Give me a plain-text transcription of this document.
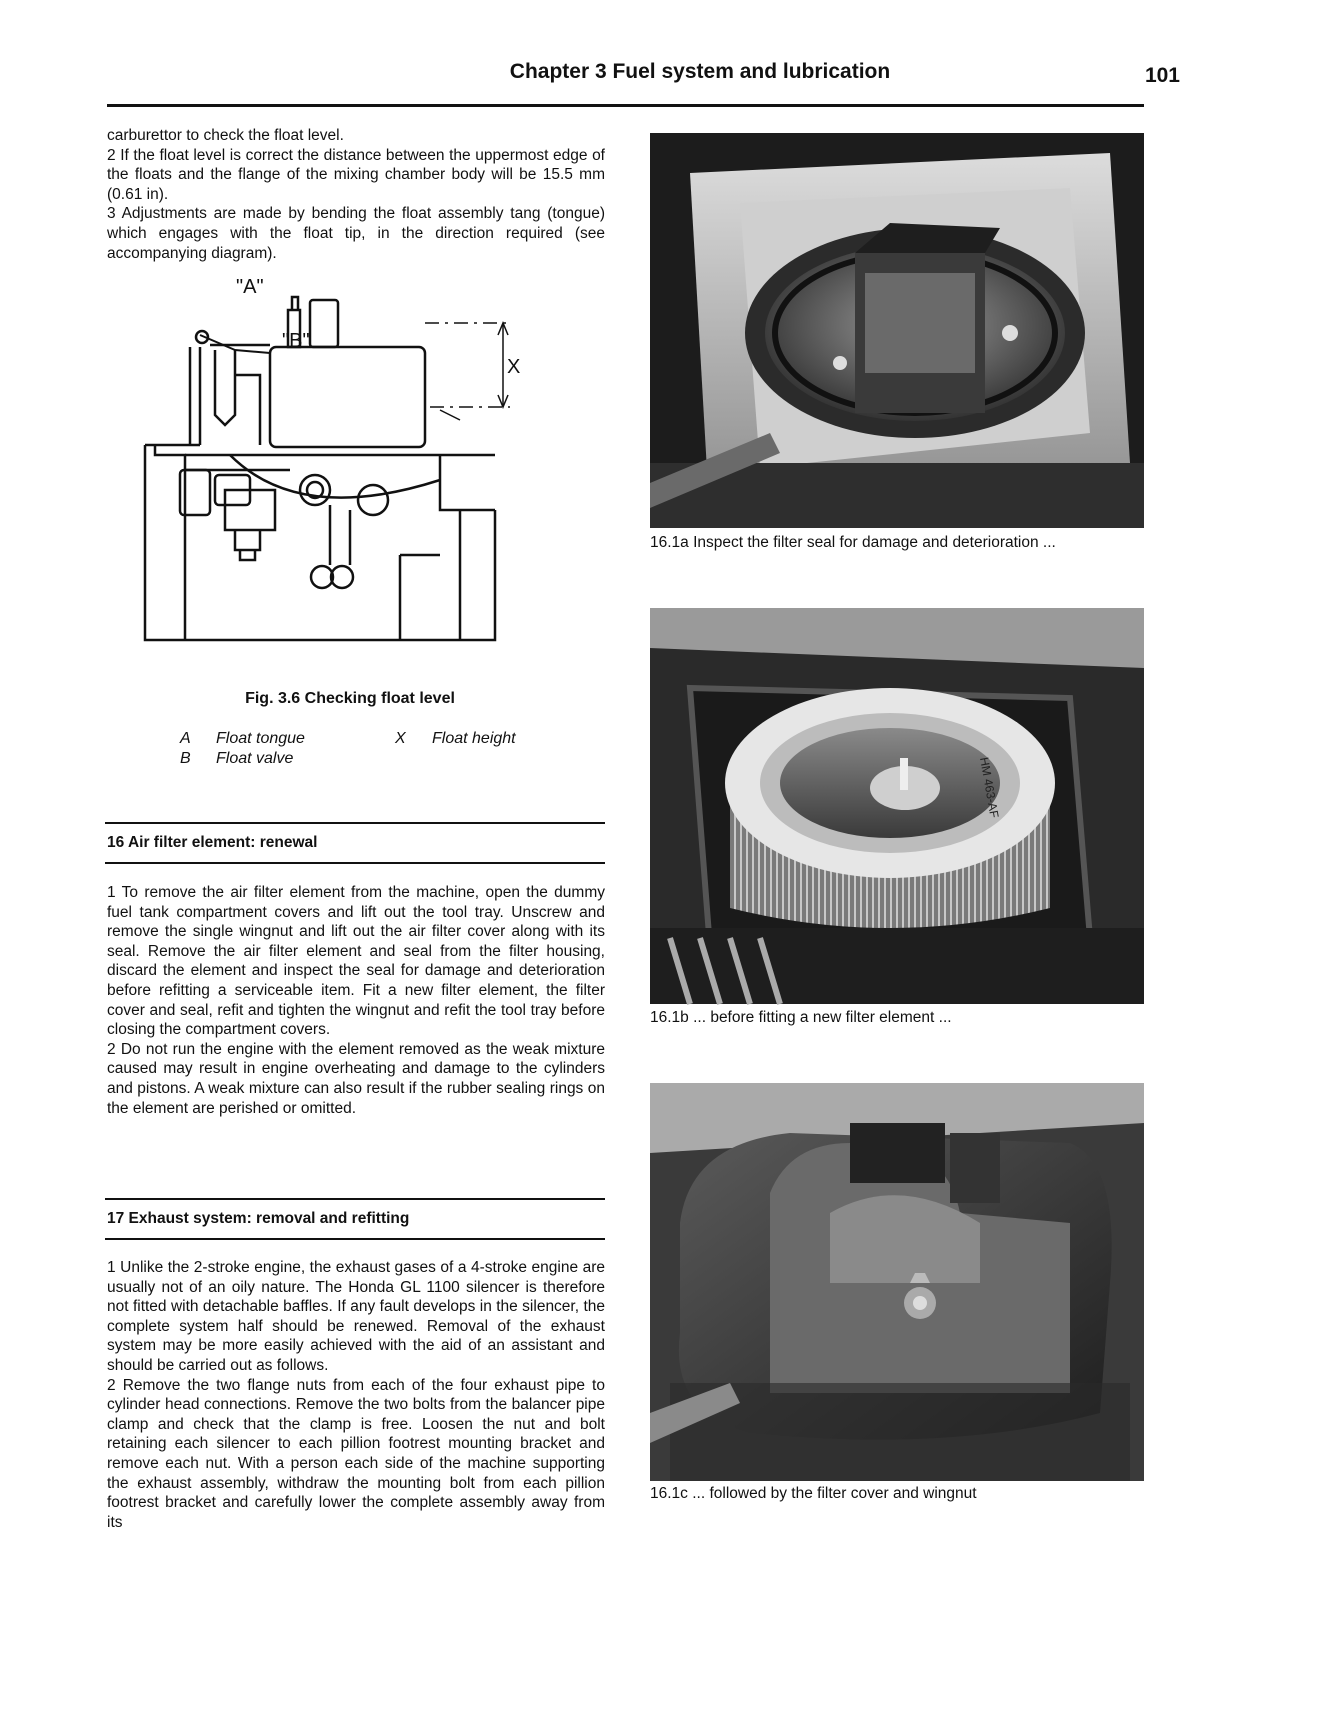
Chapter 3 Fuel system and lubrication	101

carburettor to check the float level.

2 If the float level is correct the distance between the uppermost edge of the floats and the flange of the mixing chamber body will be 15.5 mm (0.61 in).

3 Adjustments are made by bending the float assembly tang (tongue) which engages with the float tip, in the direction required (see accompanying diagram).

"A"
"B"
X
Fig. 3.6 Checking float level
A Float tongue	X Float height
B Float valve
16 Air filter element: renewal

1 To remove the air filter element from the machine, open the dummy fuel tank compartment covers and lift out the tool tray. Unscrew and remove the single wingnut and lift out the air filter cover along with its seal. Remove the air filter element and seal from the filter housing, discard the element and inspect the seal for damage and deterioration before refitting a serviceable item. Fit a new filter element, the filter cover and seal, refit and tighten the wingnut and refit the tool tray before closing the compartment covers.

2 Do not run the engine with the element removed as the weak mixture caused may result in engine overheating and damage to the cylinders and pistons. A weak mixture can also result if the rubber sealing rings on the element are perished or omitted.

17 Exhaust system: removal and refitting

1 Unlike the 2-stroke engine, the exhaust gases of a 4-stroke engine are usually not of an oily nature. The Honda GL 1100 silencer is therefore not fitted with detachable baffles. If any fault develops in the silencer, the complete system half should be renewed. Removal of the exhaust system may be more easily achieved with the aid of an assistant and should be carried out as follows.

2 Remove the two flange nuts from each of the four exhaust pipe to cylinder head connections. Remove the two bolts from the balancer pipe clamp and check that the clamp is free. Loosen the nut and bolt retaining each silencer to each pillion footrest mounting bracket and remove each nut. With a person each side of the machine supporting the exhaust assembly, withdraw the mounting bolt from each pillion footrest bracket and carefully lower the complete assembly away from its

16.1a Inspect the filter seal for damage and deterioration ...
HM 463-AF
16.1b ... before fitting a new filter element ...
16.1c ... followed by the filter cover and wingnut
